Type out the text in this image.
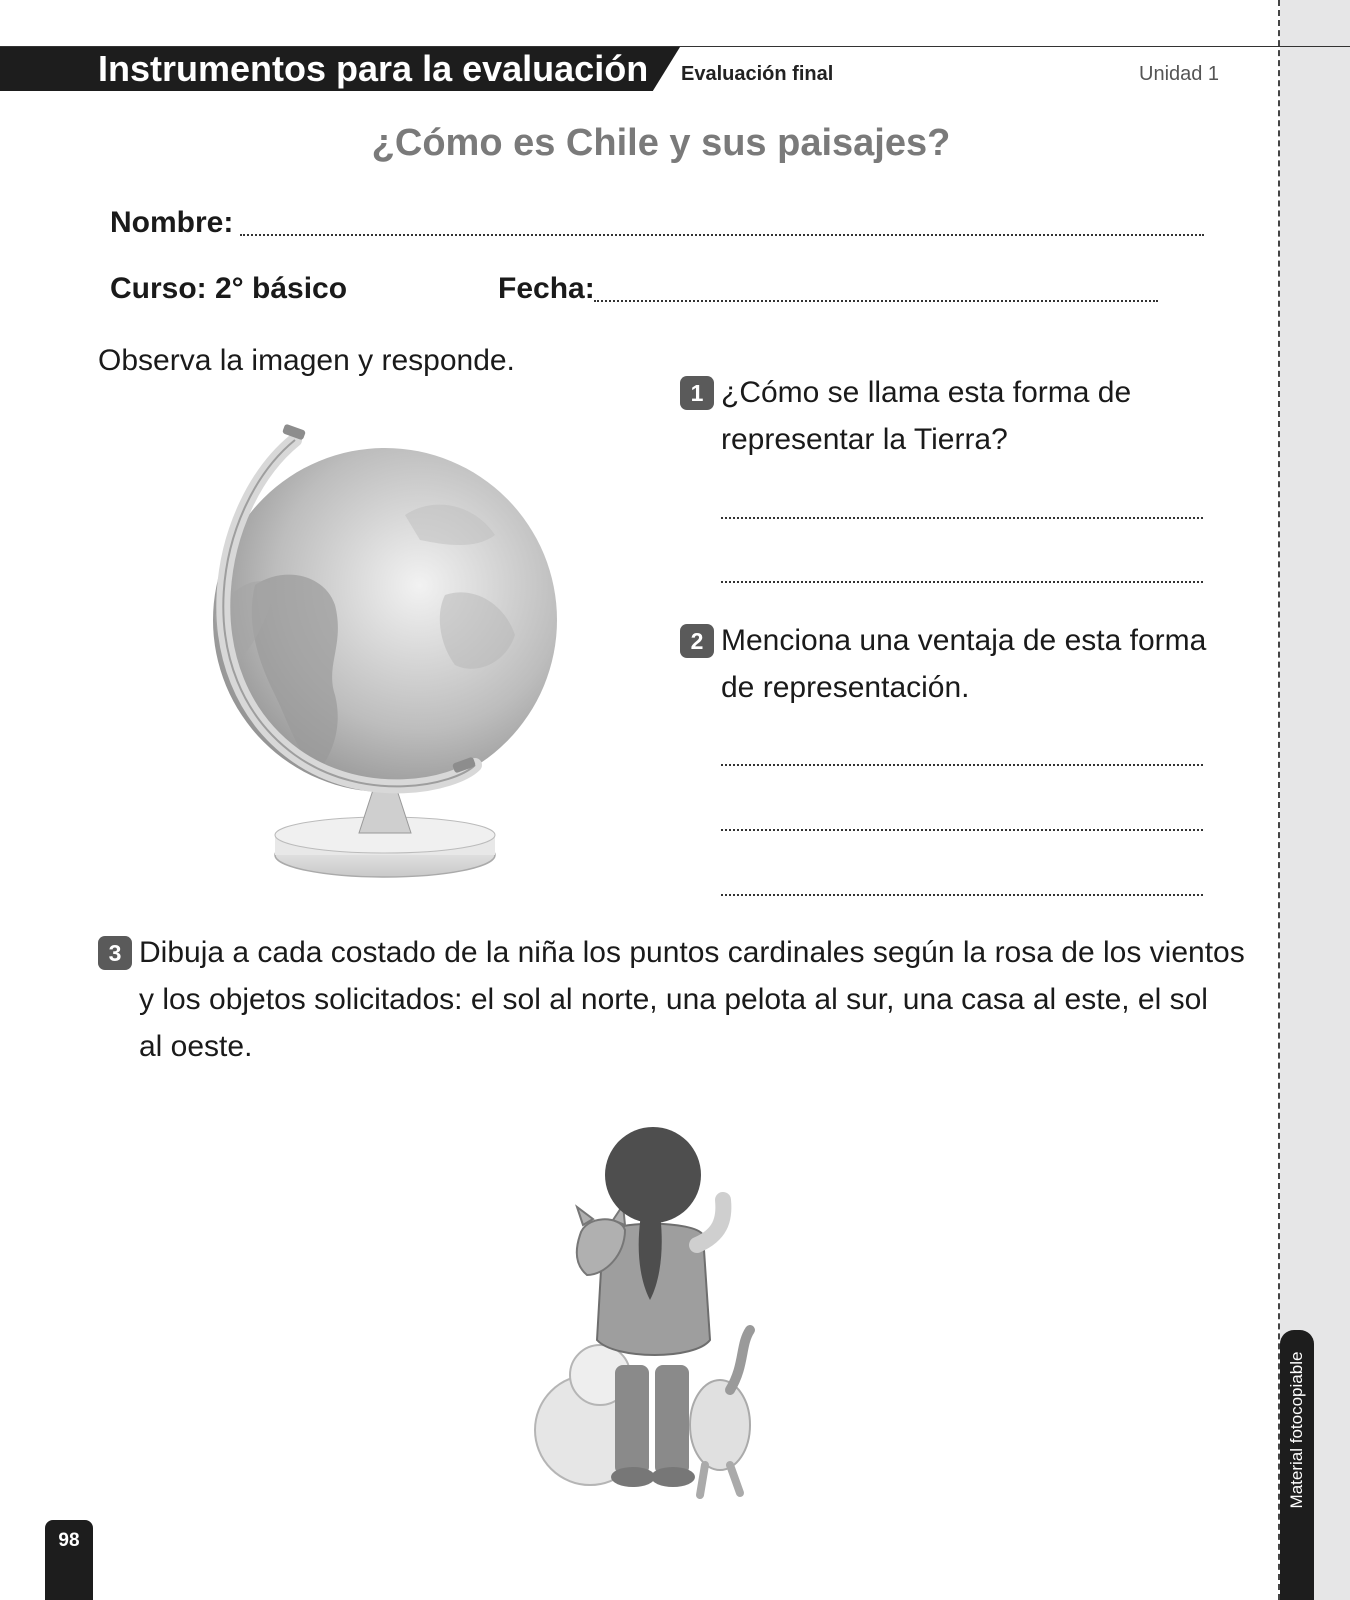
Material fotocopiable
Instrumentos para la evaluación Evaluación final	Unidad 1
¿Cómo es Chile y sus paisajes?
Nombre:
Curso: 2° básico	Fecha:
Observa la imagen y responde.
1 ¿Cómo se llama esta forma de
representar la Tierra?
2 Menciona una ventaja de esta forma
de representación.
3 Dibuja a cada costado de la niña los puntos cardinales según la rosa de los vientos
y los objetos solicitados: el sol al norte, una pelota al sur, una casa al este, el sol
al oeste.
98
